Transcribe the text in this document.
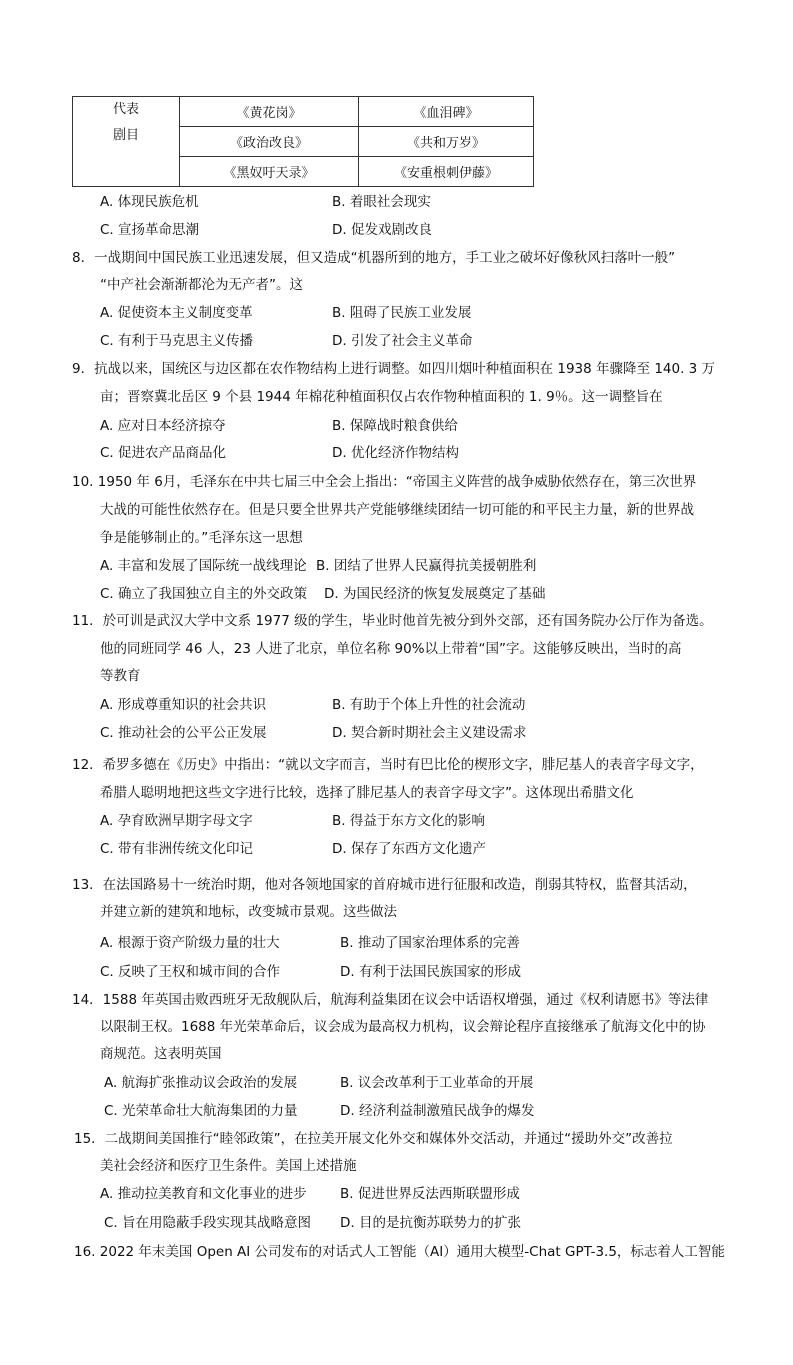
代表
剧目	《黄花岗》	《血泪碑》
	《政治改良》	《共和万岁》
	《黑奴吁天录》	《安重根刺伊藤》
A. 体现民族危机	B. 着眼社会现实
C. 宣扬革命思潮	D. 促发戏剧改良
8．一战期间中国民族工业迅速发展，但又造成“机器所到的地方，手工业之破坏好像秋风扫落叶一般”
“中产社会渐渐都沦为无产者”。这
A. 促使资本主义制度变革	B. 阻碍了民族工业发展
C. 有利于马克思主义传播	D. 引发了社会主义革命
9．抗战以来，国统区与边区都在农作物结构上进行调整。如四川烟叶种植面积在 1938 年骤降至 140. 3 万
亩；晋察冀北岳区 9 个县 1944 年棉花种植面积仅占农作物种植面积的 1. 9％。这一调整旨在
A. 应对日本经济掠夺	B. 保障战时粮食供给
C. 促进农产品商品化	D. 优化经济作物结构
10. 1950 年 6月，毛泽东在中共七届三中全会上指出：“帝国主义阵营的战争威胁依然存在，第三次世界
大战的可能性依然存在。但是只要全世界共产党能够继续团结一切可能的和平民主力量，新的世界战
争是能够制止的。”毛泽东这一思想
A. 丰富和发展了国际统一战线理论 B. 团结了世界人民赢得抗美援朝胜利
C. 确立了我国独立自主的外交政策 D. 为国民经济的恢复发展奠定了基础
11．於可训是武汉大学中文系 1977 级的学生，毕业时他首先被分到外交部，还有国务院办公厅作为备选。
他的同班同学 46 人，23 人进了北京，单位名称 90%以上带着“国”字。这能够反映出，当时的高
等教育
A. 形成尊重知识的社会共识	B. 有助于个体上升性的社会流动
C. 推动社会的公平公正发展	D. 契合新时期社会主义建设需求
12．希罗多德在《历史》中指出：“就以文字而言，当时有巴比伦的楔形文字，腓尼基人的表音字母文字，
希腊人聪明地把这些文字进行比较，选择了腓尼基人的表音字母文字”。这体现出希腊文化
A. 孕育欧洲早期字母文字	B. 得益于东方文化的影响
C. 带有非洲传统文化印记	D. 保存了东西方文化遗产
13．在法国路易十一统治时期，他对各领地国家的首府城市进行征服和改造，削弱其特权，监督其活动，
并建立新的建筑和地标，改变城市景观。这些做法
A. 根源于资产阶级力量的壮大	B. 推动了国家治理体系的完善
C. 反映了王权和城市间的合作	D. 有利于法国民族国家的形成
14．1588 年英国击败西班牙无敌舰队后，航海利益集团在议会中话语权增强，通过《权利请愿书》等法律
以限制王权。1688 年光荣革命后，议会成为最高权力机构，议会辩论程序直接继承了航海文化中的协
商规范。这表明英国
A. 航海扩张推动议会政治的发展	B. 议会改革利于工业革命的开展
C. 光荣革命壮大航海集团的力量	D. 经济利益制激殖民战争的爆发
15．二战期间美国推行“睦邻政策”，在拉美开展文化外交和媒体外交活动，并通过“援助外交”改善拉
美社会经济和医疗卫生条件。美国上述措施
A. 推动拉美教育和文化事业的进步 B. 促进世界反法西斯联盟形成
C. 旨在用隐蔽手段实现其战略意图 D. 目的是抗衡苏联势力的扩张
16. 2022 年末美国 Open AI 公司发布的对话式人工智能（AI）通用大模型-Chat GPT-3.5，标志着人工智能
